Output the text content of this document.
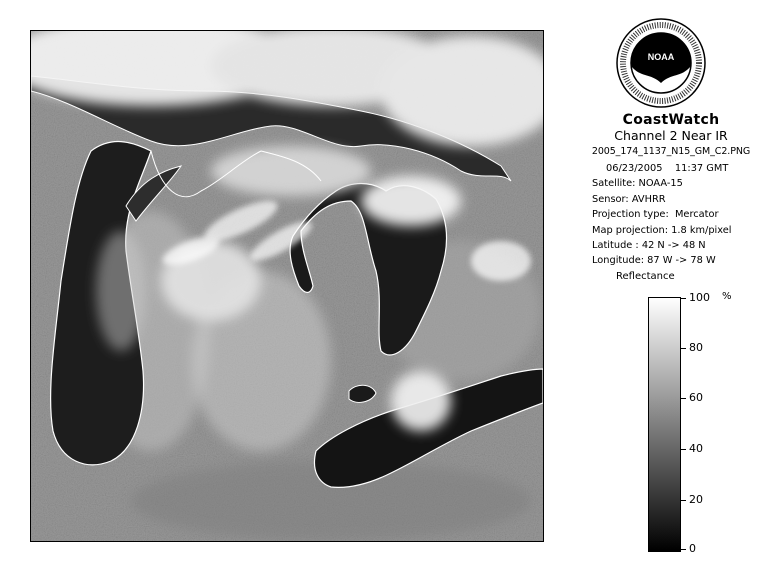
NOAA
CoastWatch
Channel 2 Near IR
2005_174_1137_N15_GM_C2.PNG
06/23/2005    11:37 GMT
Satellite: NOAA-15
Sensor: AVHRR
Projection type:  Mercator
Map projection: 1.8 km/pixel
Latitude : 42 N -> 48 N
Longitude: 87 W -> 78 W
Reflectance
%
100
80
60
40
20
0
